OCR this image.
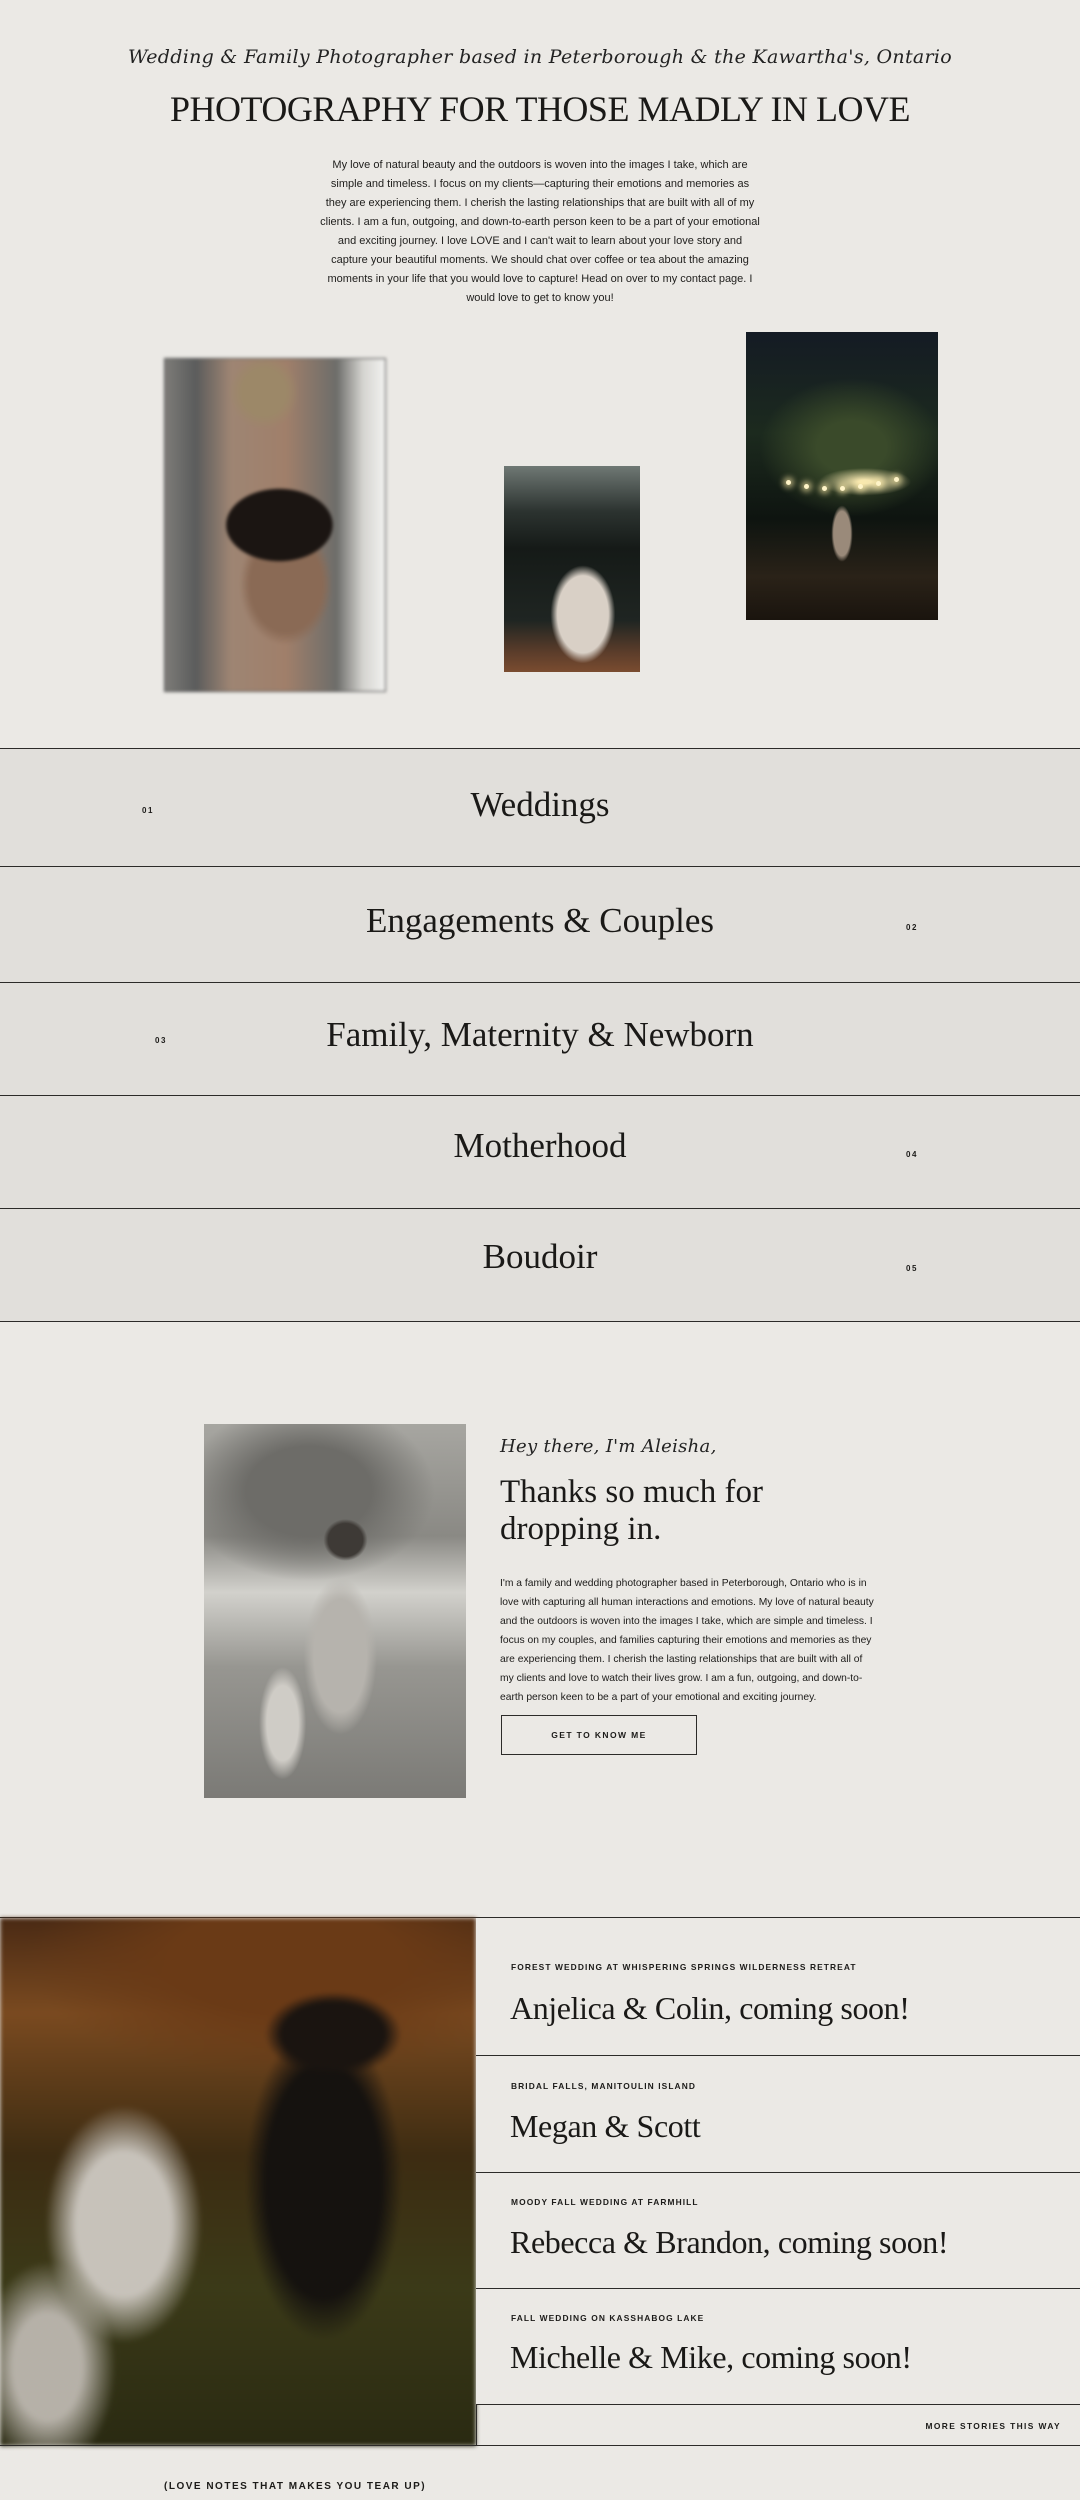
Wedding & Family Photographer based in Peterborough & the Kawartha's, Ontario
PHOTOGRAPHY FOR THOSE MADLY IN LOVE

My love of natural beauty and the outdoors is woven into the images I take, which are simple and timeless. I focus on my clients—capturing their emotions and memories as they are experiencing them. I cherish the lasting relationships that are built with all of my clients. I am a fun, outgoing, and down-to-earth person keen to be a part of your emotional and exciting journey. I love LOVE and I can't wait to learn about your love story and capture your beautiful moments. We should chat over coffee or tea about the amazing moments in your life that you would love to capture! Head on over to my contact page. I would love to get to know you!

01	Weddings
02
Engagements & Couples
03	Family, Maternity & Newborn
04
Motherhood
05
Boudoir
Hey there, I'm Aleisha,
Thanks so much for dropping in.

I'm a family and wedding photographer based in Peterborough, Ontario who is in love with capturing all human interactions and emotions. My love of natural beauty and the outdoors is woven into the images I take, which are simple and timeless. I focus on my couples, and families capturing their emotions and memories as they are experiencing them. I cherish the lasting relationships that are built with all of my clients and love to watch their lives grow. I am a fun, outgoing, and down-to-earth person keen to be a part of your emotional and exciting journey.

GET TO KNOW ME
FOREST WEDDING AT WHISPERING SPRINGS WILDERNESS RETREAT
Anjelica & Colin, coming soon!
BRIDAL FALLS, MANITOULIN ISLAND
Megan & Scott
MOODY FALL WEDDING AT FARMHILL
Rebecca & Brandon, coming soon!
FALL WEDDING ON KASSHABOG LAKE
Michelle & Mike, coming soon!
MORE STORIES THIS WAY
(LOVE NOTES THAT MAKES YOU TEAR UP)
